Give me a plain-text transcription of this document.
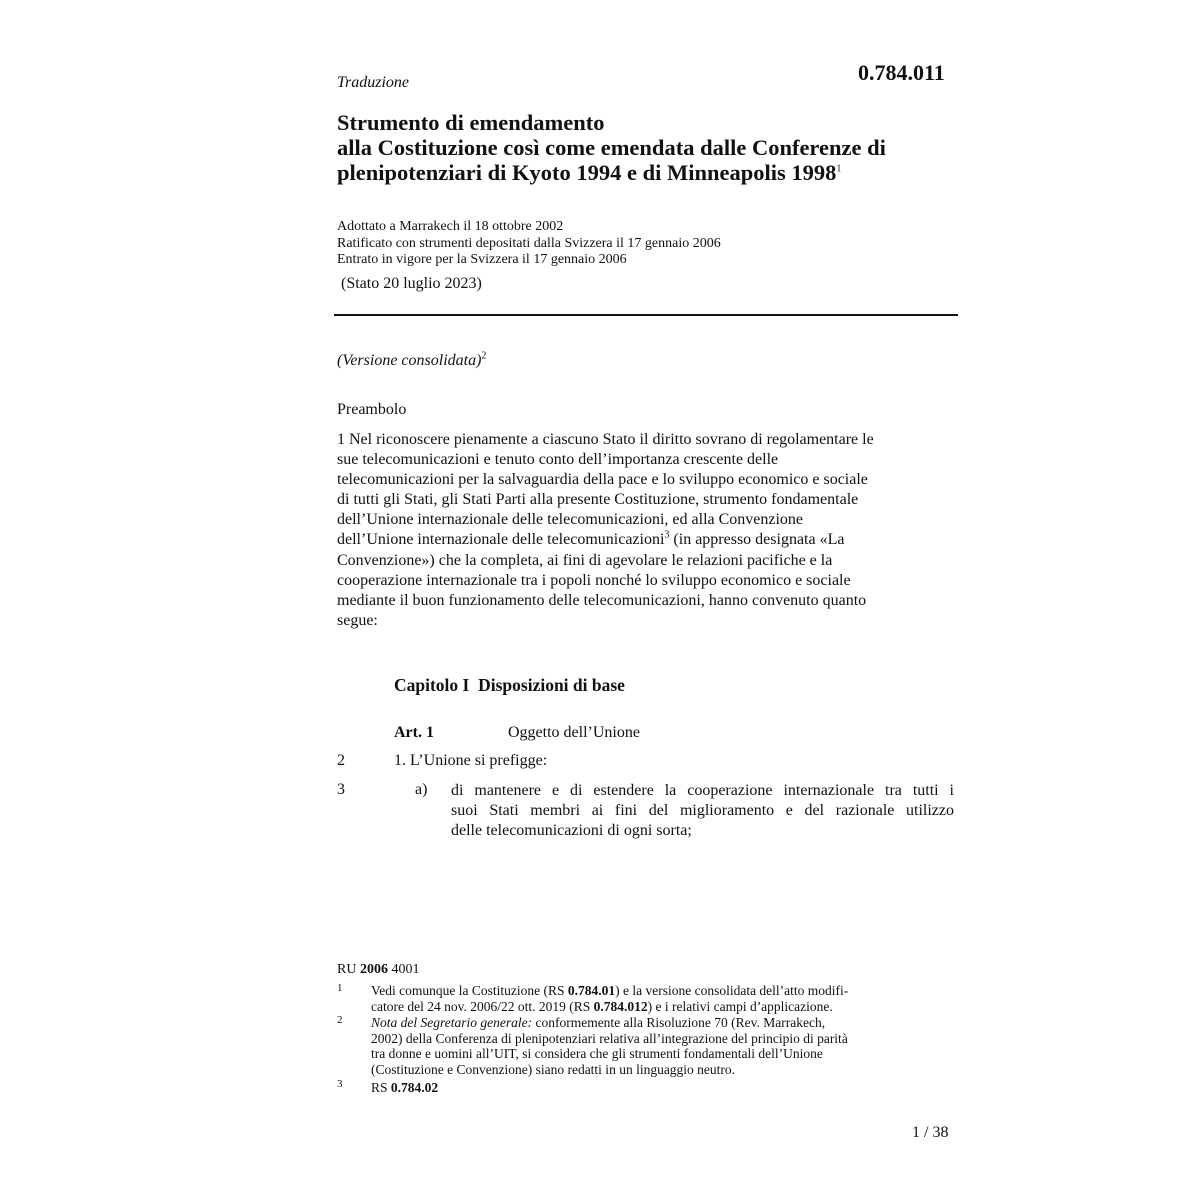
0.784.011
Traduzione
Strumento di emendamento
alla Costituzione così come emendata dalle Conferenze di
plenipotenziari di Kyoto 1994 e di Minneapolis 1998$^1$
Adottato a Marrakech il 18 ottobre 2002
Ratificato con strumenti depositati dalla Svizzera il 17 gennaio 2006
Entrato in vigore per la Svizzera il 17 gennaio 2006
(Stato 20 luglio 2023)
(Versione consolidata)$^2$
Preambolo
1 Nel riconoscere pienamente a ciascuno Stato il diritto sovrano di regolamentare le
sue telecomunicazioni e tenuto conto dell’importanza crescente delle
telecomunicazioni per la salvaguardia della pace e lo sviluppo economico e sociale
di tutti gli Stati, gli Stati Parti alla presente Costituzione, strumento fondamentale
dell’Unione internazionale delle telecomunicazioni, ed alla Convenzione
dell’Unione internazionale delle telecomunicazioni$^3$ (in appresso designata «La
Convenzione») che la completa, ai fini di agevolare le relazioni pacifiche e la
cooperazione internazionale tra i popoli nonché lo sviluppo economico e sociale
mediante il buon funzionamento delle telecomunicazioni, hanno convenuto quanto
segue:
Capitolo I  Disposizioni di base
Art. 1	Oggetto dell’Unione
2	1. L’Unione si prefigge:
3	a) di mantenere e di estendere la cooperazione internazionale tra tutti i
suoi Stati membri ai fini del miglioramento e del razionale utilizzo
delle telecomunicazioni di ogni sorta;
RU 2006 4001
1 Vedi comunque la Costituzione (RS 0.784.01) e la versione consolidata dell’atto modifi-
catore del 24 nov. 2006/22 ott. 2019 (RS 0.784.012) e i relativi campi d’applicazione.
2 Nota del Segretario generale: conformemente alla Risoluzione 70 (Rev. Marrakech,
2002) della Conferenza di plenipotenziari relativa all’integrazione del principio di parità
tra donne e uomini all’UIT, si considera che gli strumenti fondamentali dell’Unione
(Costituzione e Convenzione) siano redatti in un linguaggio neutro.
3 RS 0.784.02
1 / 38
